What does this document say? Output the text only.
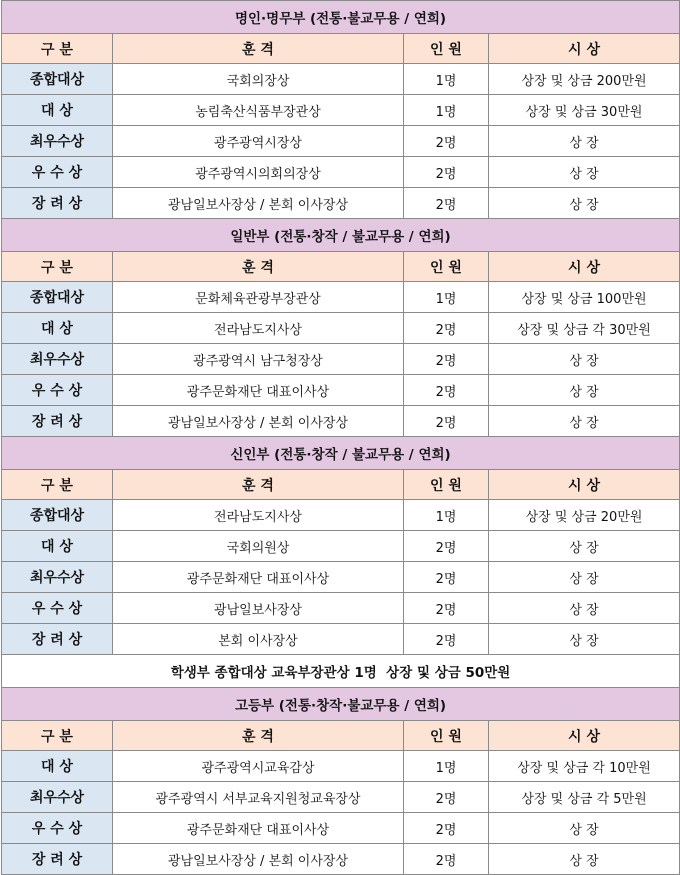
명인·명무부 (전통·불교무용 / 연희)			
구 분	훈 격	인 원	시 상
종합대상	국회의장상	1명	상장 및 상금 200만원
대 상	농림축산식품부장관상	1명	상장 및 상금 30만원
최우수상	광주광역시장상	2명	상 장
우 수 상	광주광역시의회의장상	2명	상 장
장 려 상	광남일보사장상 / 본회 이사장상	2명	상 장
일반부 (전통·창작 / 불교무용 / 연희)			
구 분	훈 격	인 원	시 상
종합대상	문화체육관광부장관상	1명	상장 및 상금 100만원
대 상	전라남도지사상	2명	상장 및 상금 각 30만원
최우수상	광주광역시 남구청장상	2명	상 장
우 수 상	광주문화재단 대표이사상	2명	상 장
장 려 상	광남일보사장상 / 본회 이사장상	2명	상 장
신인부 (전통·창작 / 불교무용 / 연희)			
구 분	훈 격	인 원	시 상
종합대상	전라남도지사상	1명	상장 및 상금 20만원
대 상	국회의원상	2명	상 장
최우수상	광주문화재단 대표이사상	2명	상 장
우 수 상	광남일보사장상	2명	상 장
장 려 상	본회 이사장상	2명	상 장
학생부 종합대상 교육부장관상 1명  상장 및 상금 50만원			
고등부 (전통·창작·불교무용 / 연희)			
구 분	훈 격	인 원	시 상
대 상	광주광역시교육감상	1명	상장 및 상금 각 10만원
최우수상	광주광역시 서부교육지원청교육장상	2명	상장 및 상금 각 5만원
우 수 상	광주문화재단 대표이사상	2명	상 장
장 려 상	광남일보사장상 / 본회 이사장상	2명	상 장
